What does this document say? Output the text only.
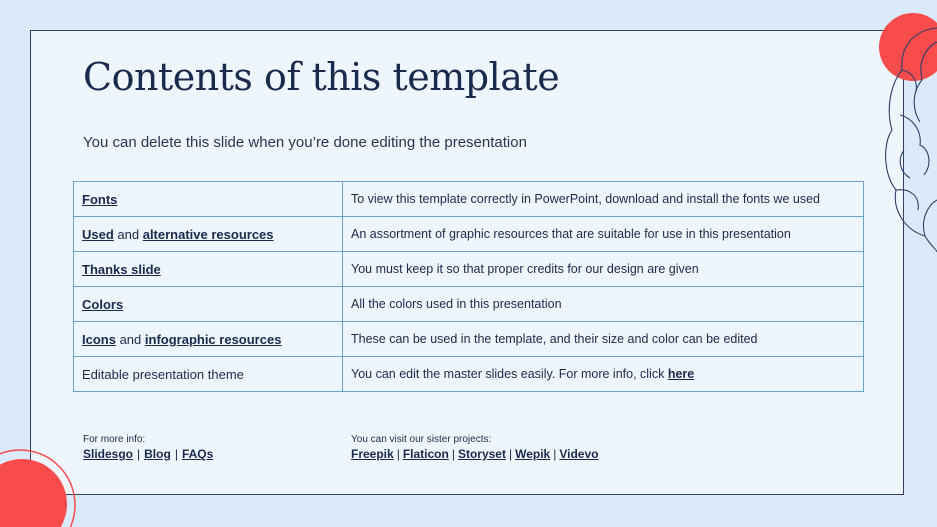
Contents of this template
You can delete this slide when you’re done editing the presentation
Fonts	To view this template correctly in PowerPoint, download and install the fonts we used
Used and alternative resources	An assortment of graphic resources that are suitable for use in this presentation
Thanks slide	You must keep it so that proper credits for our design are given
Colors	All the colors used in this presentation
Icons and infographic resources	These can be used in the template, and their size and color can be edited
Editable presentation theme	You can edit the master slides easily. For more info, click here
For more info:
Slidesgo | Blog | FAQs
You can visit our sister projects:
Freepik | Flaticon | Storyset | Wepik | Videvo
